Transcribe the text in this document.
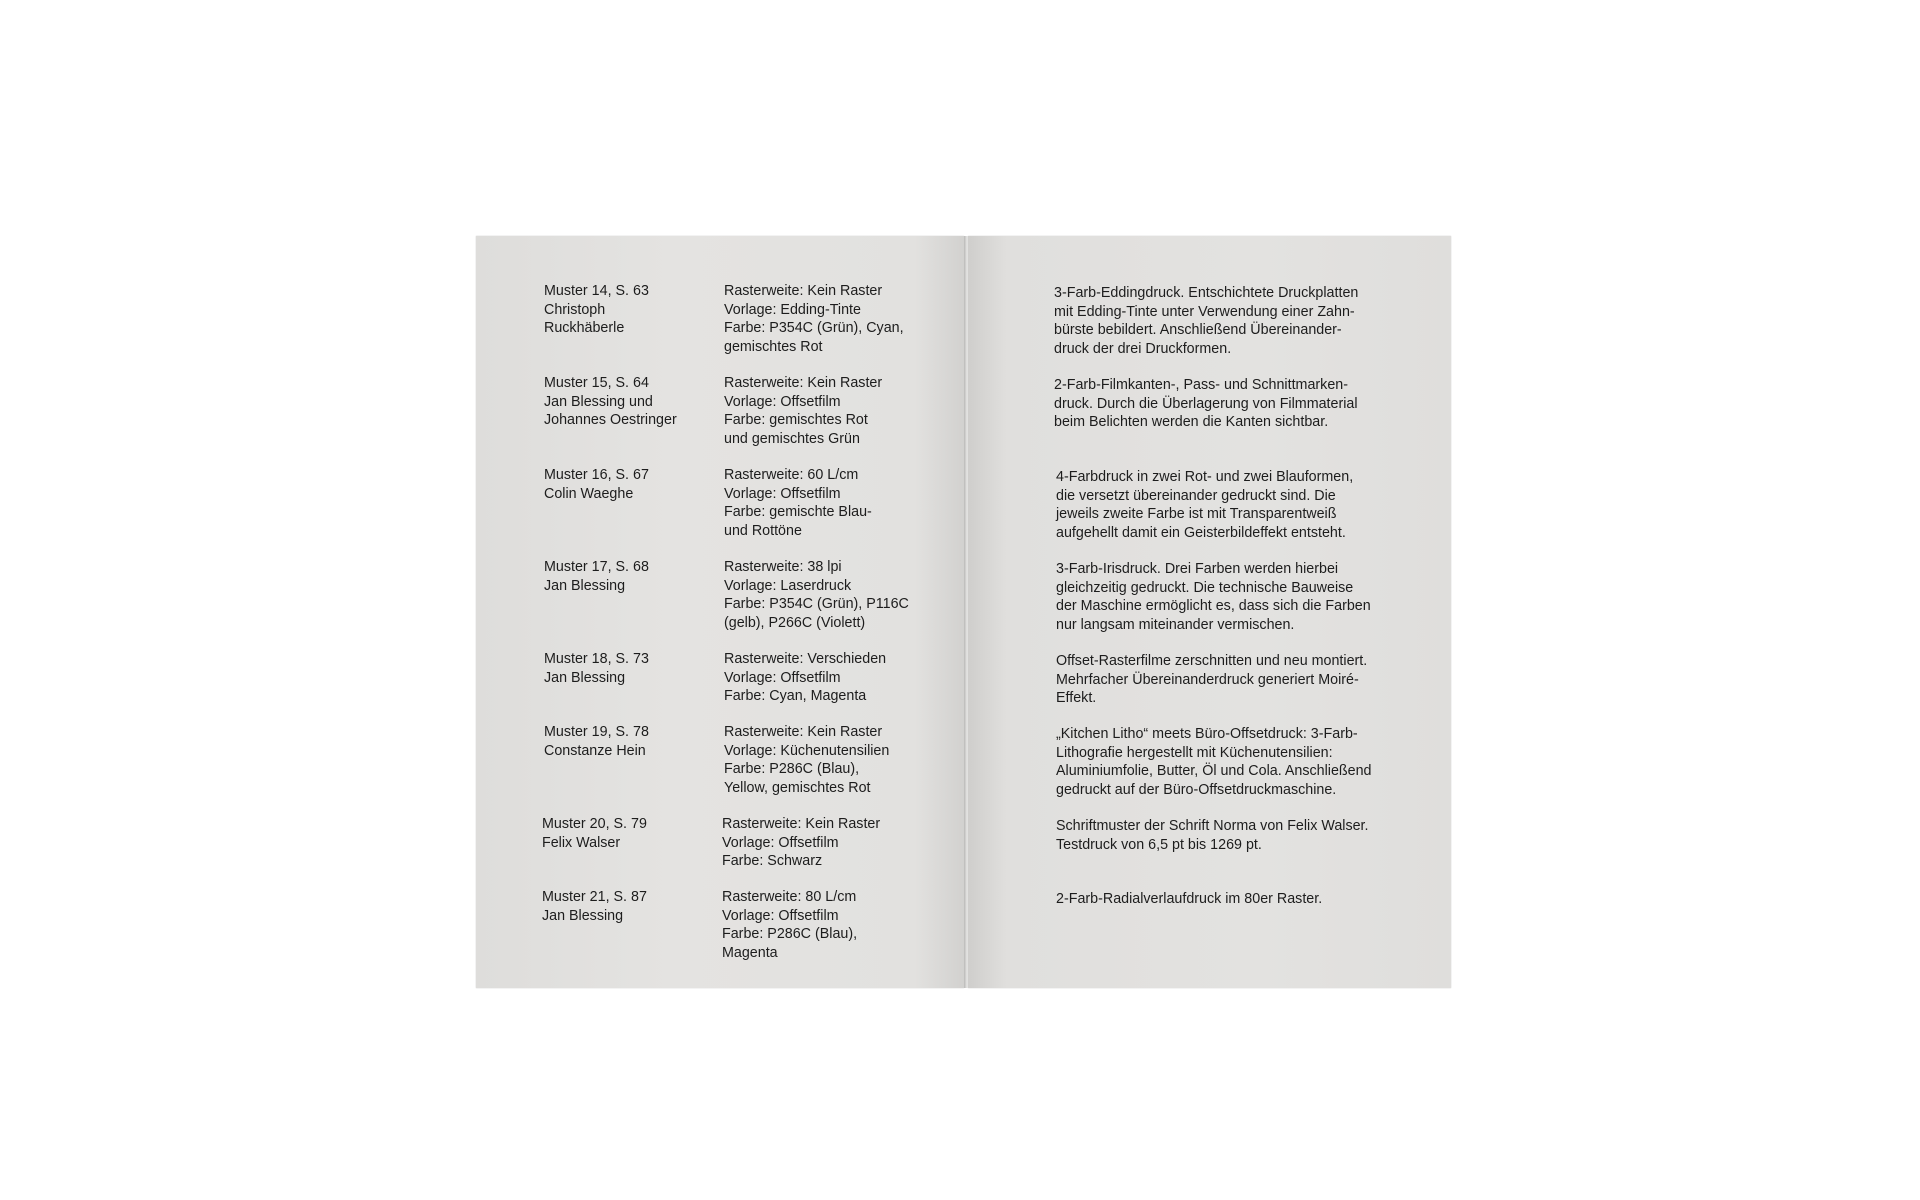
Muster 14, S. 63
Christoph
Ruckhäberle
Rasterweite: Kein Raster
Vorlage: Edding-Tinte
Farbe: P354C (Grün), Cyan,
gemischtes Rot
Muster 15, S. 64
Jan Blessing und
Johannes Oestringer
Rasterweite: Kein Raster
Vorlage: Offsetfilm
Farbe: gemischtes Rot
und gemischtes Grün
Muster 16, S. 67
Colin Waeghe
Rasterweite: 60 L/cm
Vorlage: Offsetfilm
Farbe: gemischte Blau-
und Rottöne
Muster 17, S. 68
Jan Blessing
Rasterweite: 38 lpi
Vorlage: Laserdruck
Farbe: P354C (Grün), P116C
(gelb), P266C (Violett)
Muster 18, S. 73
Jan Blessing
Rasterweite: Verschieden
Vorlage: Offsetfilm
Farbe: Cyan, Magenta
Muster 19, S. 78
Constanze Hein
Rasterweite: Kein Raster
Vorlage: Küchenutensilien
Farbe: P286C (Blau),
Yellow, gemischtes Rot
Muster 20, S. 79
Felix Walser
Rasterweite: Kein Raster
Vorlage: Offsetfilm
Farbe: Schwarz
Muster 21, S. 87
Jan Blessing
Rasterweite: 80 L/cm
Vorlage: Offsetfilm
Farbe: P286C (Blau),
Magenta
3-Farb-Eddingdruck. Entschichtete Druckplatten
mit Edding-Tinte unter Verwendung einer Zahn-
bürste bebildert. Anschließend Übereinander-
druck der drei Druckformen.
2-Farb-Filmkanten-, Pass- und Schnittmarken-
druck. Durch die Überlagerung von Filmmaterial
beim Belichten werden die Kanten sichtbar.
4-Farbdruck in zwei Rot- und zwei Blauformen,
die versetzt übereinander gedruckt sind. Die
jeweils zweite Farbe ist mit Transparentweiß
aufgehellt damit ein Geisterbildeffekt entsteht.
3-Farb-Irisdruck. Drei Farben werden hierbei
gleichzeitig gedruckt. Die technische Bauweise
der Maschine ermöglicht es, dass sich die Farben
nur langsam miteinander vermischen.
Offset-Rasterfilme zerschnitten und neu montiert.
Mehrfacher Übereinanderdruck generiert Moiré-
Effekt.
„Kitchen Litho“ meets Büro-Offsetdruck: 3-Farb-
Lithografie hergestellt mit Küchenutensilien:
Aluminiumfolie, Butter, Öl und Cola. Anschließend
gedruckt auf der Büro-Offsetdruckmaschine.
Schriftmuster der Schrift Norma von Felix Walser.
Testdruck von 6,5 pt bis 1269 pt.
2-Farb-Radialverlaufdruck im 80er Raster.
